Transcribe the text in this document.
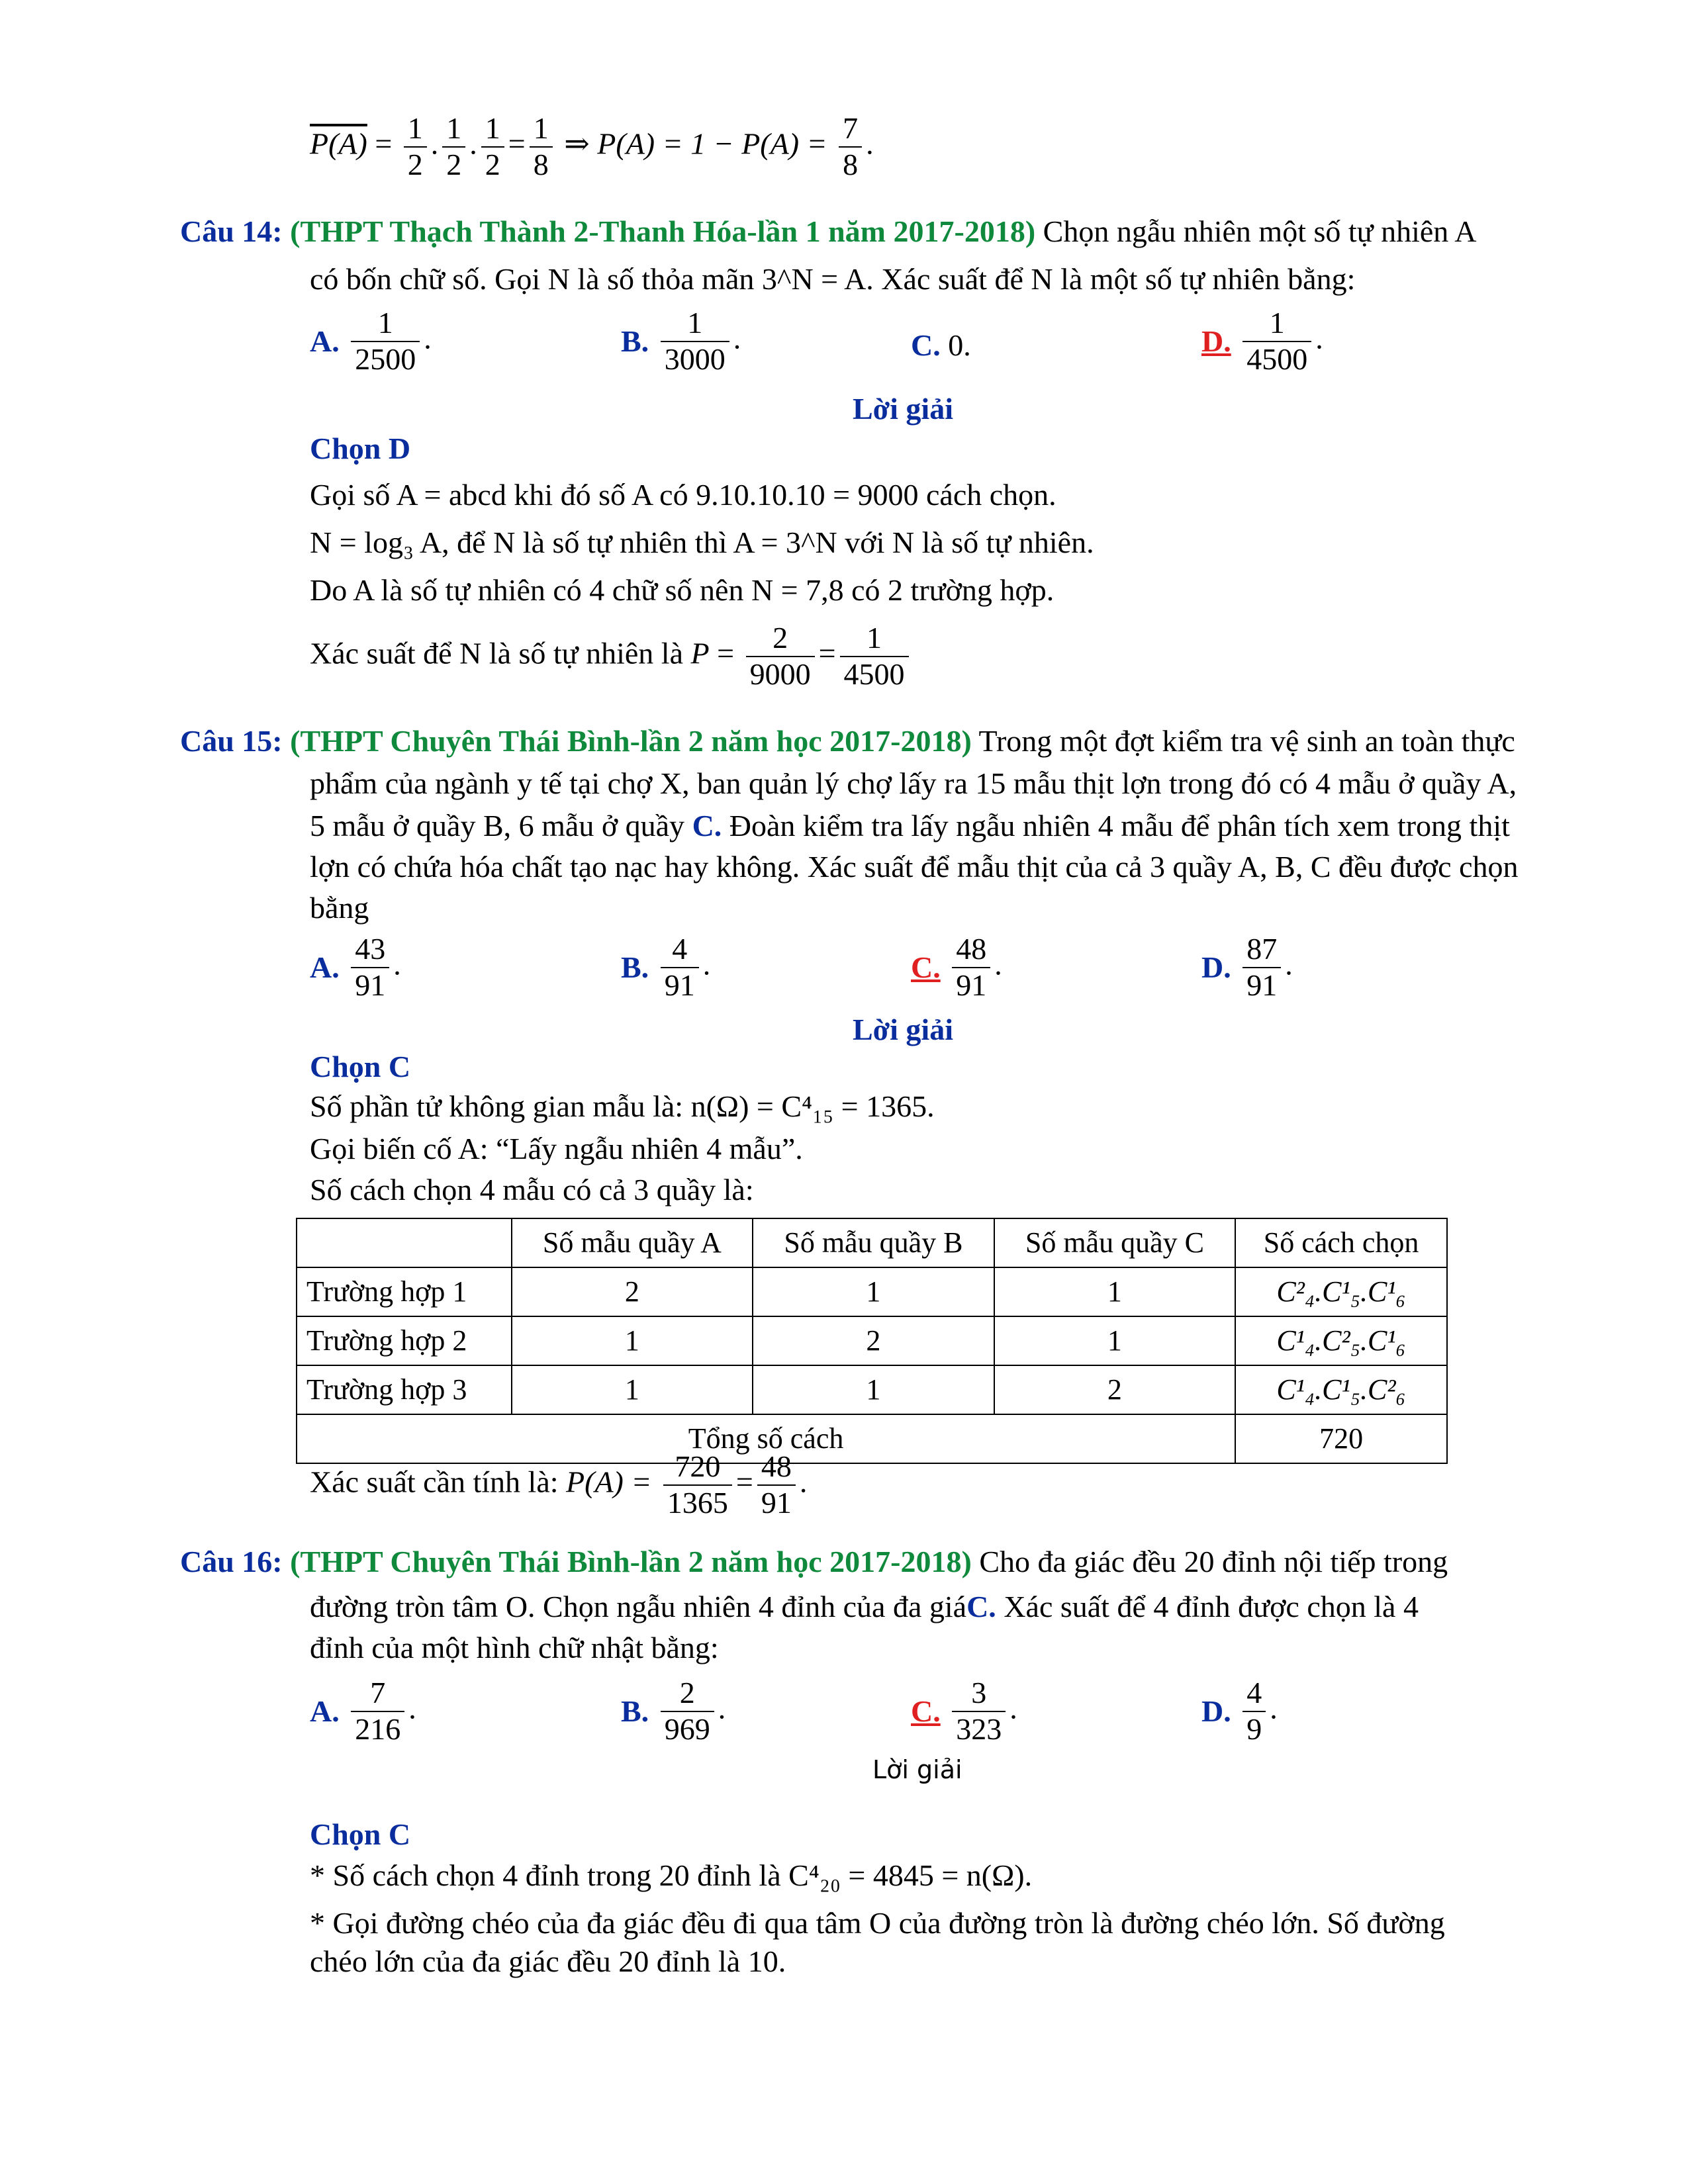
$P(A) = \frac{1}{2}$ . $\frac{1}{2}$ . $\frac{1}{2} = \frac{1}{8}$ ⇒ $P(A) = 1 - P(A) = \frac{7}{8}$ .
Câu 14: (THPT Thạch Thành 2-Thanh Hóa-lần 1 năm 2017-2018) Chọn ngẫu nhiên một số tự nhiên A
có bốn chữ số. Gọi N là số thỏa mãn 3^N = A. Xác suất để N là một số tự nhiên bằng:
A. $\frac{1}{2500}$ .	B. $\frac{1}{3000}$ .	C. 0.	D. $\frac{1}{4500}$ .
Lời giải
Chọn D
Gọi số A = abcd khi đó số A có 9.10.10.10 = 9000 cách chọn.
N = log₃ A, để N là số tự nhiên thì A = 3^N với N là số tự nhiên.
Do A là số tự nhiên có 4 chữ số nên N = 7,8 có 2 trường hợp.
Xác suất để N là số tự nhiên là $P = \frac{2}{9000} = \frac{1}{4500}$
Câu 15: (THPT Chuyên Thái Bình-lần 2 năm học 2017-2018) Trong một đợt kiểm tra vệ sinh an toàn thực
phẩm của ngành y tế tại chợ X, ban quản lý chợ lấy ra 15 mẫu thịt lợn trong đó có 4 mẫu ở quầy A,
5 mẫu ở quầy B, 6 mẫu ở quầy C. Đoàn kiểm tra lấy ngẫu nhiên 4 mẫu để phân tích xem trong thịt
lợn có chứa hóa chất tạo nạc hay không. Xác suất để mẫu thịt của cả 3 quầy A, B, C đều được chọn
bằng
A. $\frac{43}{91}$ .	B. $\frac{4}{91}$ .	C. $\frac{48}{91}$ .	D. $\frac{87}{91}$ .
Lời giải
Chọn C
Số phần tử không gian mẫu là: n(Ω) = C⁴₁₅ = 1365.
Gọi biến cố A: “Lấy ngẫu nhiên 4 mẫu”.
Số cách chọn 4 mẫu có cả 3 quầy là:
	Số mẫu quầy A	Số mẫu quầy B	Số mẫu quầy C	Số cách chọn
Trường hợp 1	2	1	1	C²₄.C¹₅.C¹₆
Trường hợp 2	1	2	1	C¹₄.C²₅.C¹₆
Trường hợp 3	1	1	2	C¹₄.C¹₅.C²₆
Tổng số cách				720
Xác suất cần tính là: $P(A) = \frac{720}{1365} = \frac{48}{91}$ .
Câu 16: (THPT Chuyên Thái Bình-lần 2 năm học 2017-2018) Cho đa giác đều 20 đỉnh nội tiếp trong
đường tròn tâm O. Chọn ngẫu nhiên 4 đỉnh của đa giáC. Xác suất để 4 đỉnh được chọn là 4
đỉnh của một hình chữ nhật bằng:
A. $\frac{7}{216}$ .	B. $\frac{2}{969}$ .	C. $\frac{3}{323}$ .	D. $\frac{4}{9}$ .
Lời giải
Chọn C
* Số cách chọn 4 đỉnh trong 20 đỉnh là C⁴₂₀ = 4845 = n(Ω).
* Gọi đường chéo của đa giác đều đi qua tâm O của đường tròn là đường chéo lớn. Số đường
chéo lớn của đa giác đều 20 đỉnh là 10.
